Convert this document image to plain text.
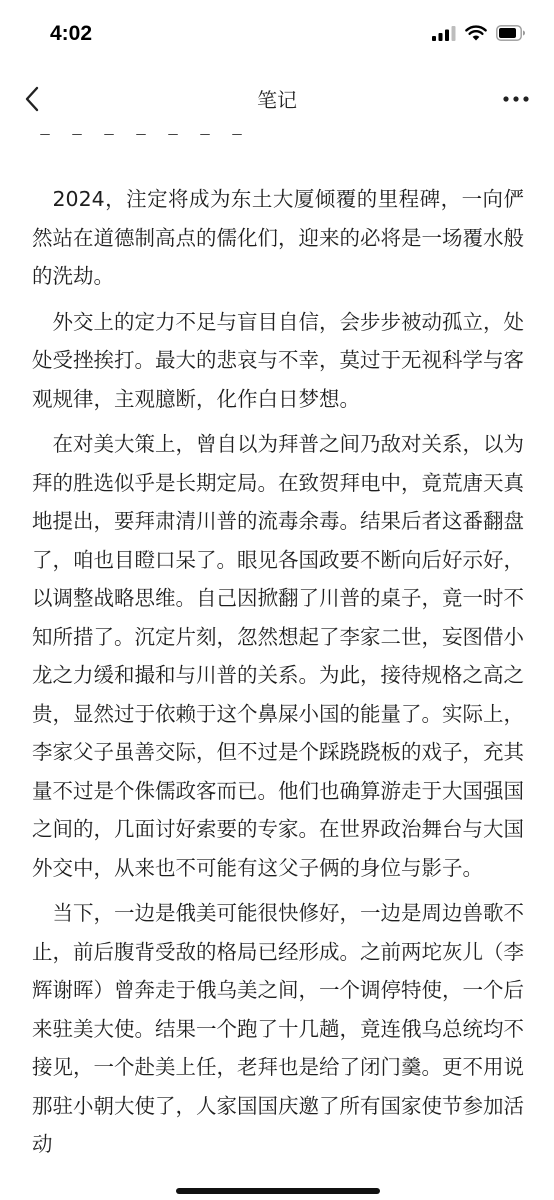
4:02
笔记

2024，注定将成为东土大厦倾覆的里程碑，一向俨然站在道德制高点的儒化们，迎来的必将是一场覆水般的洗劫。

外交上的定力不足与盲目自信，会步步被动孤立，处处受挫挨打。最大的悲哀与不幸，莫过于无视科学与客观规律，主观臆断，化作白日梦想。

在对美大策上，曾自以为拜普之间乃敌对关系，以为拜的胜选似乎是长期定局。在致贺拜电中，竟荒唐天真地提出，要拜肃清川普的流毒余毒。结果后者这番翻盘了，咱也目瞪口呆了。眼见各国政要不断向后好示好，以调整战略思维。自己因掀翻了川普的桌子，竟一时不知所措了。沉定片刻，忽然想起了李家二世，妄图借小龙之力缓和撮和与川普的关系。为此，接待规格之高之贵，显然过于依赖于这个鼻屎小国的能量了。实际上，李家父子虽善交际，但不过是个踩跷跷板的戏子，充其量不过是个侏儒政客而已。他们也确算游走于大国强国之间的，几面讨好索要的专家。在世界政治舞台与大国外交中，从来也不可能有这父子俩的身位与影子。

当下，一边是俄美可能很快修好，一边是周边兽歌不止，前后腹背受敌的格局已经形成。之前两坨灰儿（李辉谢晖）曾奔走于俄乌美之间，一个调停特使，一个后来驻美大使。结果一个跑了十几趟，竟连俄乌总统均不接见，一个赴美上任，老拜也是给了闭门羹。更不用说那驻小朝大使了，人家国国庆邀了所有国家使节参加活动
